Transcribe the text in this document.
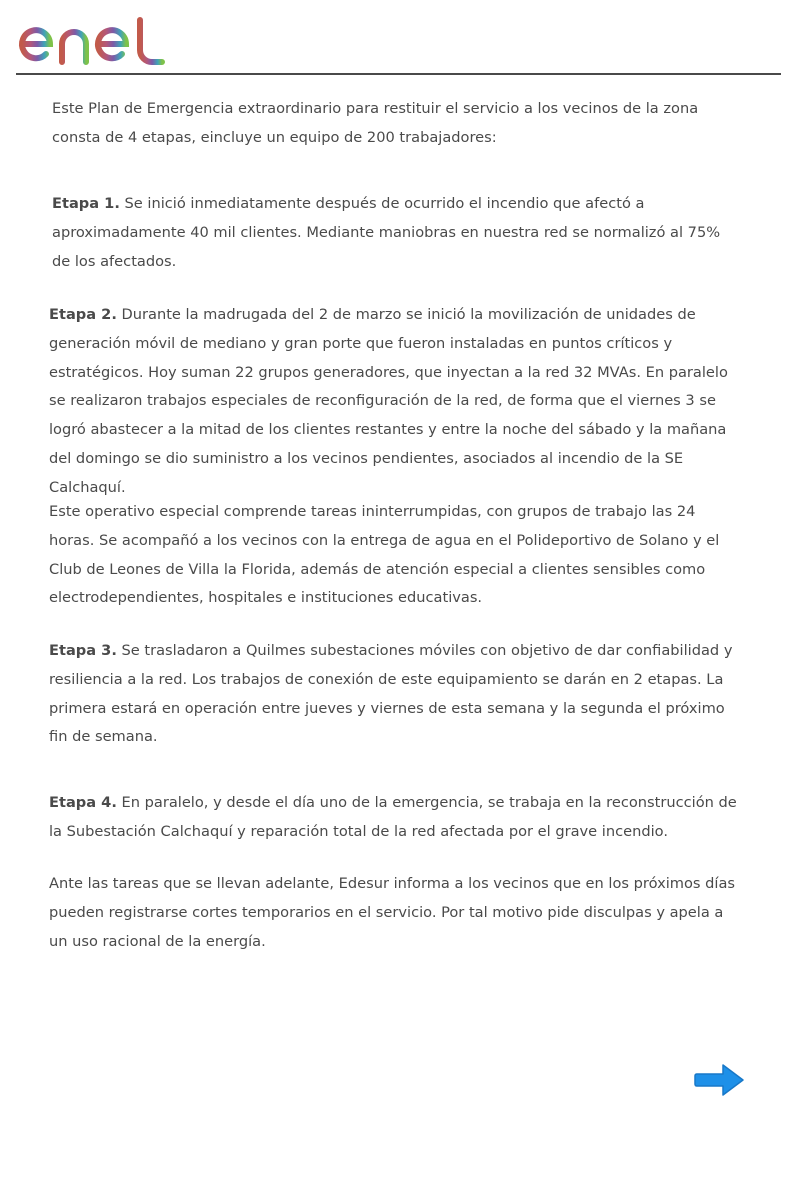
Este Plan de Emergencia extraordinario para restituir el servicio a los vecinos de la zona consta de 4 etapas, eincluye un equipo de 200 trabajadores:

Etapa 1. Se inició inmediatamente después de ocurrido el incendio que afectó a aproximadamente 40 mil clientes. Mediante maniobras en nuestra red se normalizó al 75% de los afectados.

Etapa 2. Durante la madrugada del 2 de marzo se inició la movilización de unidades de generación móvil de mediano y gran porte que fueron instaladas en puntos críticos y estratégicos. Hoy suman 22 grupos generadores, que inyectan a la red 32 MVAs. En paralelo se realizaron trabajos especiales de reconfiguración de la red, de forma que el viernes 3 se logró abastecer a la mitad de los clientes restantes y entre la noche del sábado y la mañana del domingo se dio suministro a los vecinos pendientes, asociados al incendio de la SE Calchaquí.

Este operativo especial comprende tareas ininterrumpidas, con grupos de trabajo las 24 horas. Se acompañó a los vecinos con la entrega de agua en el Polideportivo de Solano y el Club de Leones de Villa la Florida, además de atención especial a clientes sensibles como electrodependientes, hospitales e instituciones educativas.

Etapa 3. Se trasladaron a Quilmes subestaciones móviles con objetivo de dar confiabilidad y resiliencia a la red. Los trabajos de conexión de este equipamiento se darán en 2 etapas. La primera estará en operación entre jueves y viernes de esta semana y la segunda el próximo fin de semana.

Etapa 4. En paralelo, y desde el día uno de la emergencia, se trabaja en la reconstrucción de la Subestación Calchaquí y reparación total de la red afectada por el grave incendio.

Ante las tareas que se llevan adelante, Edesur informa a los vecinos que en los próximos días pueden registrarse cortes temporarios en el servicio. Por tal motivo pide disculpas y apela a un uso racional de la energía.
